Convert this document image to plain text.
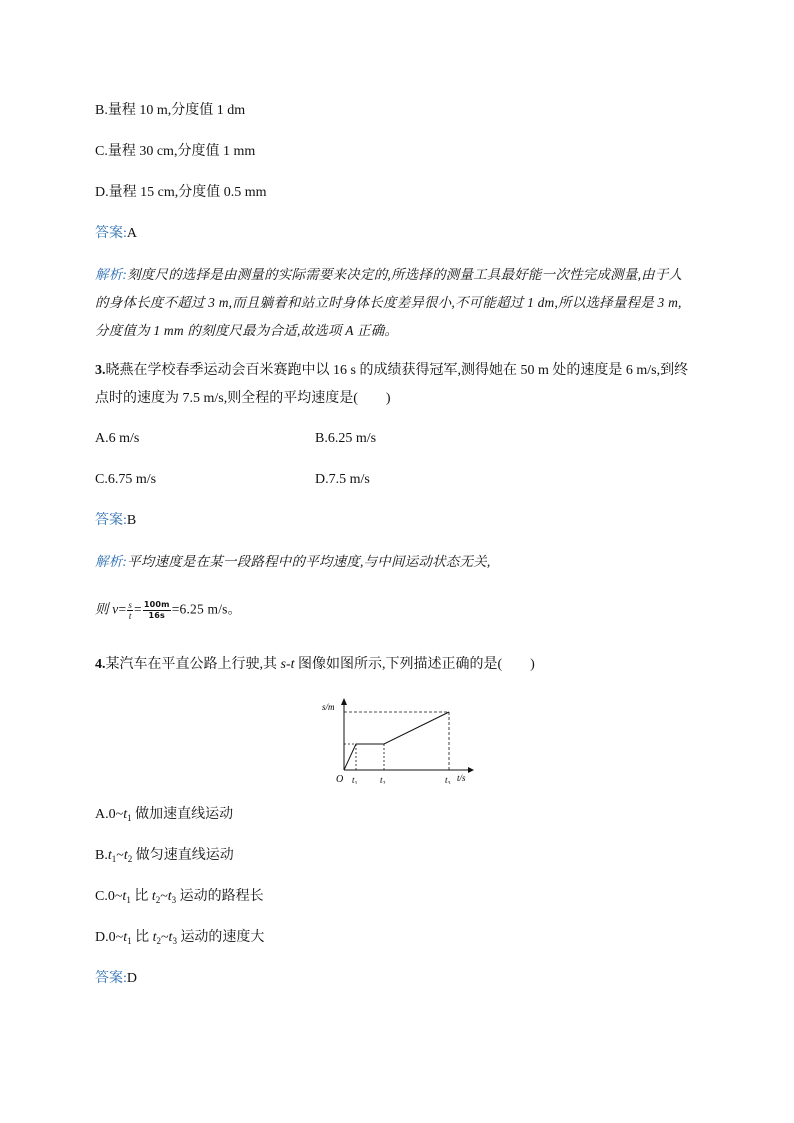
B.量程 10 m,分度值 1 dm
C.量程 30 cm,分度值 1 mm
D.量程 15 cm,分度值 0.5 mm
答案:A
解析:刻度尺的选择是由测量的实际需要来决定的,所选择的测量工具最好能一次性完成测量,由于人
的身体长度不超过 3 m,而且躺着和站立时身体长度差异很小,不可能超过 1 dm,所以选择量程是 3 m,
分度值为 1 mm 的刻度尺最为合适,故选项 A 正确。
3.晓燕在学校春季运动会百米赛跑中以 16 s 的成绩获得冠军,测得她在 50 m 处的速度是 6 m/s,到终
点时的速度为 7.5 m/s,则全程的平均速度是(　　)
A.6 m/s	B.6.25 m/s
C.6.75 m/s	D.7.5 m/s
答案:B
解析:平均速度是在某一段路程中的平均速度,与中间运动状态无关,
则 $v= \frac{s}{t} = \frac{100m}{16s} =6.25$ m/s。
4.某汽车在平直公路上行驶,其 s-t 图像如图所示,下列描述正确的是(　　)
s/m
O $t_1$ $t_2$	$t_3$
t/s
$A.0\sim t_1$ 做加速直线运动
$B.t_1\sim t_2$ 做匀速直线运动
$C.0\sim t_1$ 比 $t_2\sim t_3$ 运动的路程长
$D.0\sim t_1$ 比 $t_2\sim t_3$ 运动的速度大
答案:D
